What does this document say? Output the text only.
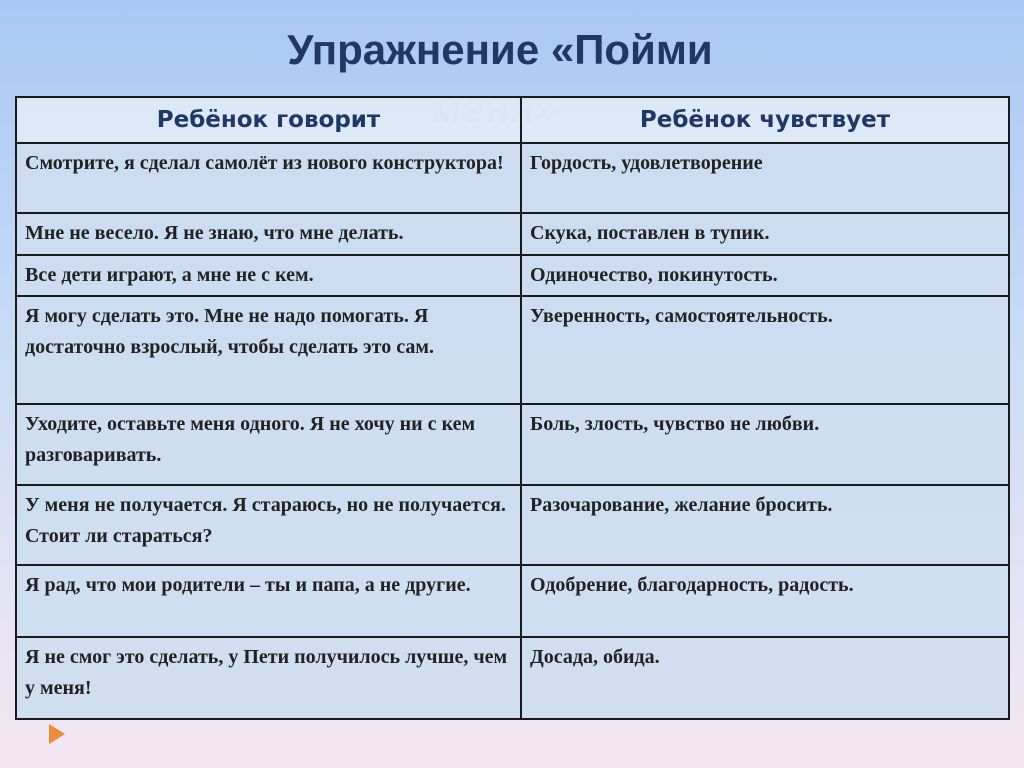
Упражнение «Пойми
Ребёнок говорит	Ребёнок чувствует
Смотрите, я сделал самолёт из нового конструктора!	Гордость, удовлетворение
Мне не весело. Я не знаю, что мне делать.	Скука, поставлен в тупик.
Все дети играют, а мне не с кем.	Одиночество, покинутость.
Я могу сделать это. Мне не надо помогать. Я достаточно взрослый, чтобы сделать это сам.	Уверенность, самостоятельность.
Уходите, оставьте меня одного. Я не хочу ни с кем разговаривать.	Боль, злость, чувство не любви.
У меня не получается. Я стараюсь, но не получается. Стоит ли стараться?	Разочарование, желание бросить.
Я рад, что мои родители – ты и папа, а не другие.	Одобрение, благодарность, радость.
Я не смог это сделать, у Пети получилось лучше, чем у меня!	Досада, обида.
